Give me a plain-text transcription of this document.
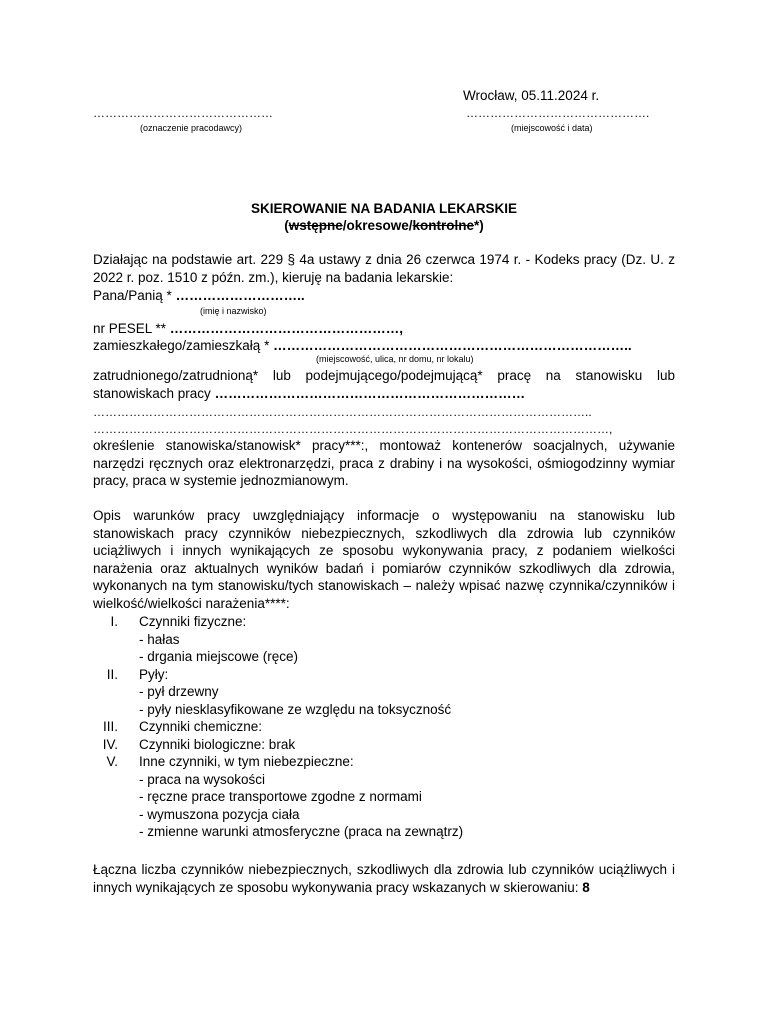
Wrocław, 05.11.2024 r.
………………………………………	……………………………………….
(oznaczenie pracodawcy)	(miejscowość i data)
SKIEROWANIE NA BADANIA LEKARSKIE
(wstępne/okresowe/kontrolne*)
Działając na podstawie art. 229 § 4a ustawy z dnia 26 czerwca 1974 r. - Kodeks pracy (Dz. U. z 2022 r. poz. 1510 z późn. zm.), kieruję na badania lekarskie:
Pana/Panią * ………………………..
(imię i nazwisko)
nr PESEL ** ……………………………………………,
zamieszkałego/zamieszkałą * ……………………………………………………………………..
(miejscowość, ulica, nr domu, nr lokalu)
zatrudnionego/zatrudnioną* lub podejmującego/podejmującą* pracę na stanowisku lub
stanowiskach pracy ……………………………………………………………
……………………………………………………………………………………………………………..
…………………………………………………………………………………………………………………,
określenie stanowiska/stanowisk* pracy***:, montoważ kontenerów soacjalnych, używanie narzędzi ręcznych oraz elektronarzędzi, praca z drabiny i na wysokości, ośmiogodzinny wymiar pracy, praca w systemie jednozmianowym.
Opis warunków pracy uwzględniający informacje o występowaniu na stanowisku lub stanowiskach pracy czynników niebezpiecznych, szkodliwych dla zdrowia lub czynników uciążliwych i innych wynikających ze sposobu wykonywania pracy, z podaniem wielkości narażenia oraz aktualnych wyników badań i pomiarów czynników szkodliwych dla zdrowia, wykonanych na tym stanowisku/tych stanowiskach – należy wpisać nazwę czynnika/czynników i wielkość/wielkości narażenia****:
I. Czynniki fizyczne:
- hałas
- drgania miejscowe (ręce)
II. Pyły:
- pył drzewny
- pyły niesklasyfikowane ze względu na toksyczność
III. Czynniki chemiczne:
IV. Czynniki biologiczne: brak
V. Inne czynniki, w tym niebezpieczne:
- praca na wysokości
- ręczne prace transportowe zgodne z normami
- wymuszona pozycja ciała
- zmienne warunki atmosferyczne (praca na zewnątrz)
Łączna liczba czynników niebezpiecznych, szkodliwych dla zdrowia lub czynników uciążliwych i innych wynikających ze sposobu wykonywania pracy wskazanych w skierowaniu: 8
